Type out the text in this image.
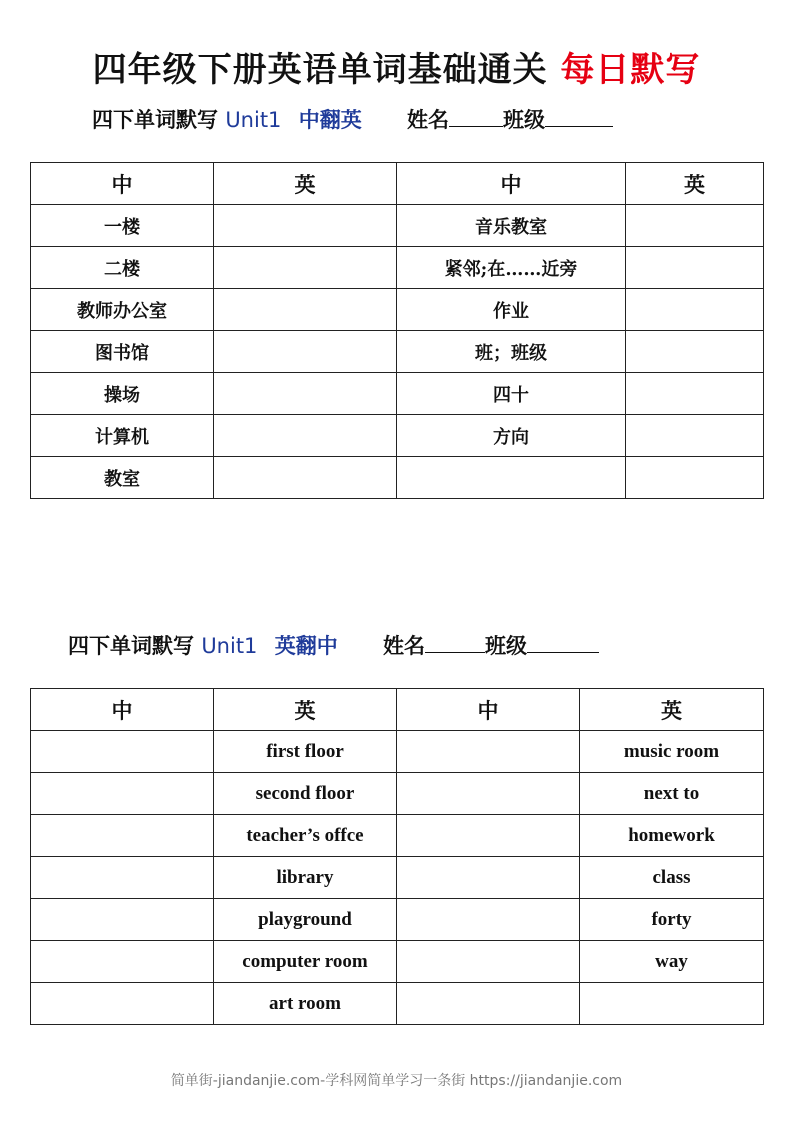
四年级下册英语单词基础通关 每日默写
四下单词默写 Unit1 中翻英 姓名	班级
中	英	中	英
一楼		音乐教室	
二楼		紧邻;在……近旁	
教师办公室		作业	
图书馆		班；班级	
操场		四十	
计算机		方向	
教室			
四下单词默写 Unit1 英翻中 姓名	班级
中	英	中	英
	first floor		music room
	second floor		next to
	teacher’s offce		homework
	library		class
	playground		forty
	computer room		way
	art room		
简单街-jiandanjie.com-学科网简单学习一条街 https://jiandanjie.com
